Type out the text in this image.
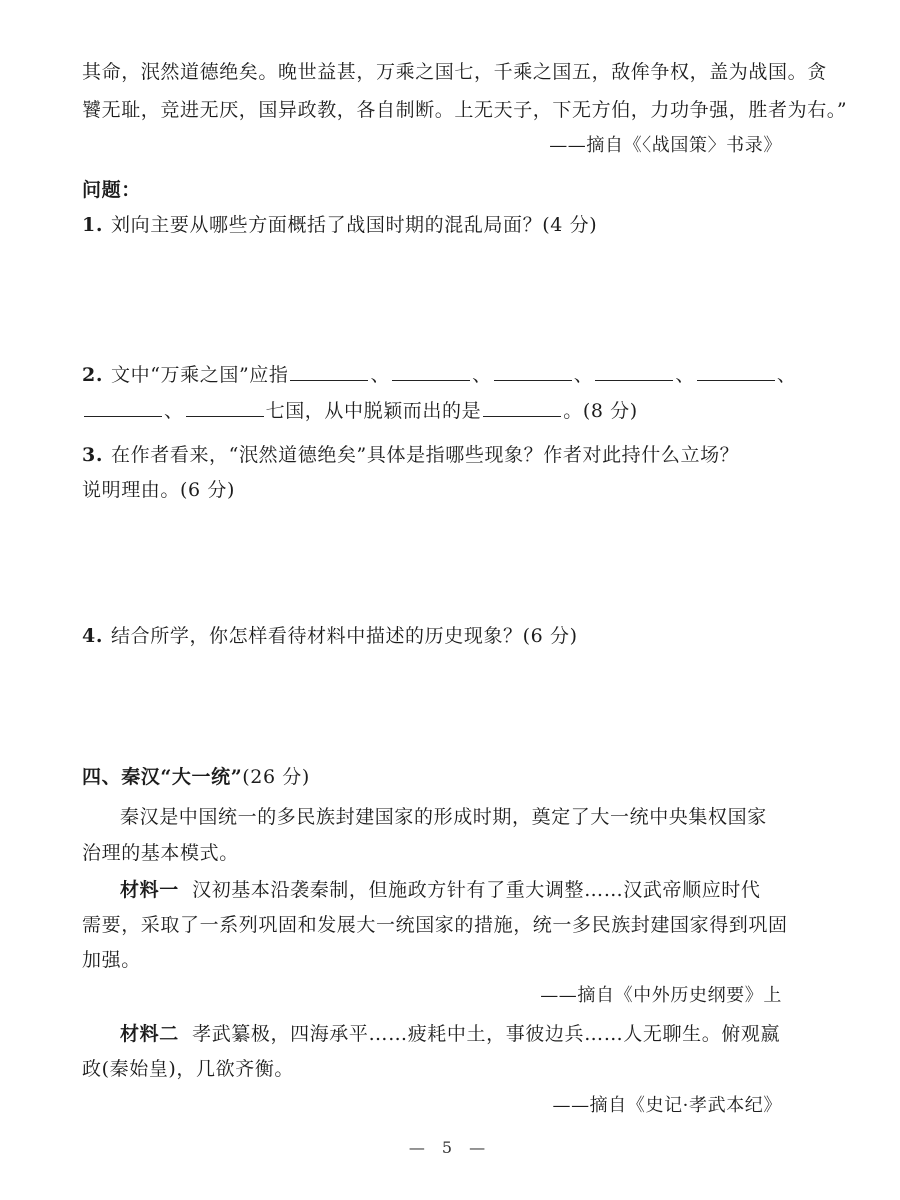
其命，泯然道德绝矣。晚世益甚，万乘之国七，千乘之国五，敌侔争权，盖为战国。贪
饕无耻，竞进无厌，国异政教，各自制断。上无天子，下无方伯，力功争强，胜者为右。”
——摘自《〈战国策〉书录》
问题：
1. 刘向主要从哪些方面概括了战国时期的混乱局面？(4 分)
2. 文中“万乘之国”应指	、	、	、	、	、
、	七国，从中脱颖而出的是	。(8 分)
3. 在作者看来，“泯然道德绝矣”具体是指哪些现象？作者对此持什么立场？
说明理由。(6 分)
4. 结合所学，你怎样看待材料中描述的历史现象？(6 分)
四、秦汉“大一统”(26 分)
秦汉是中国统一的多民族封建国家的形成时期，奠定了大一统中央集权国家
治理的基本模式。
材料一 汉初基本沿袭秦制，但施政方针有了重大调整……汉武帝顺应时代
需要，采取了一系列巩固和发展大一统国家的措施，统一多民族封建国家得到巩固
加强。
——摘自《中外历史纲要》上
材料二 孝武纂极，四海承平……疲耗中土，事彼边兵……人无聊生。俯观嬴
政(秦始皇)，几欲齐衡。
——摘自《史记·孝武本纪》
— 5 —
